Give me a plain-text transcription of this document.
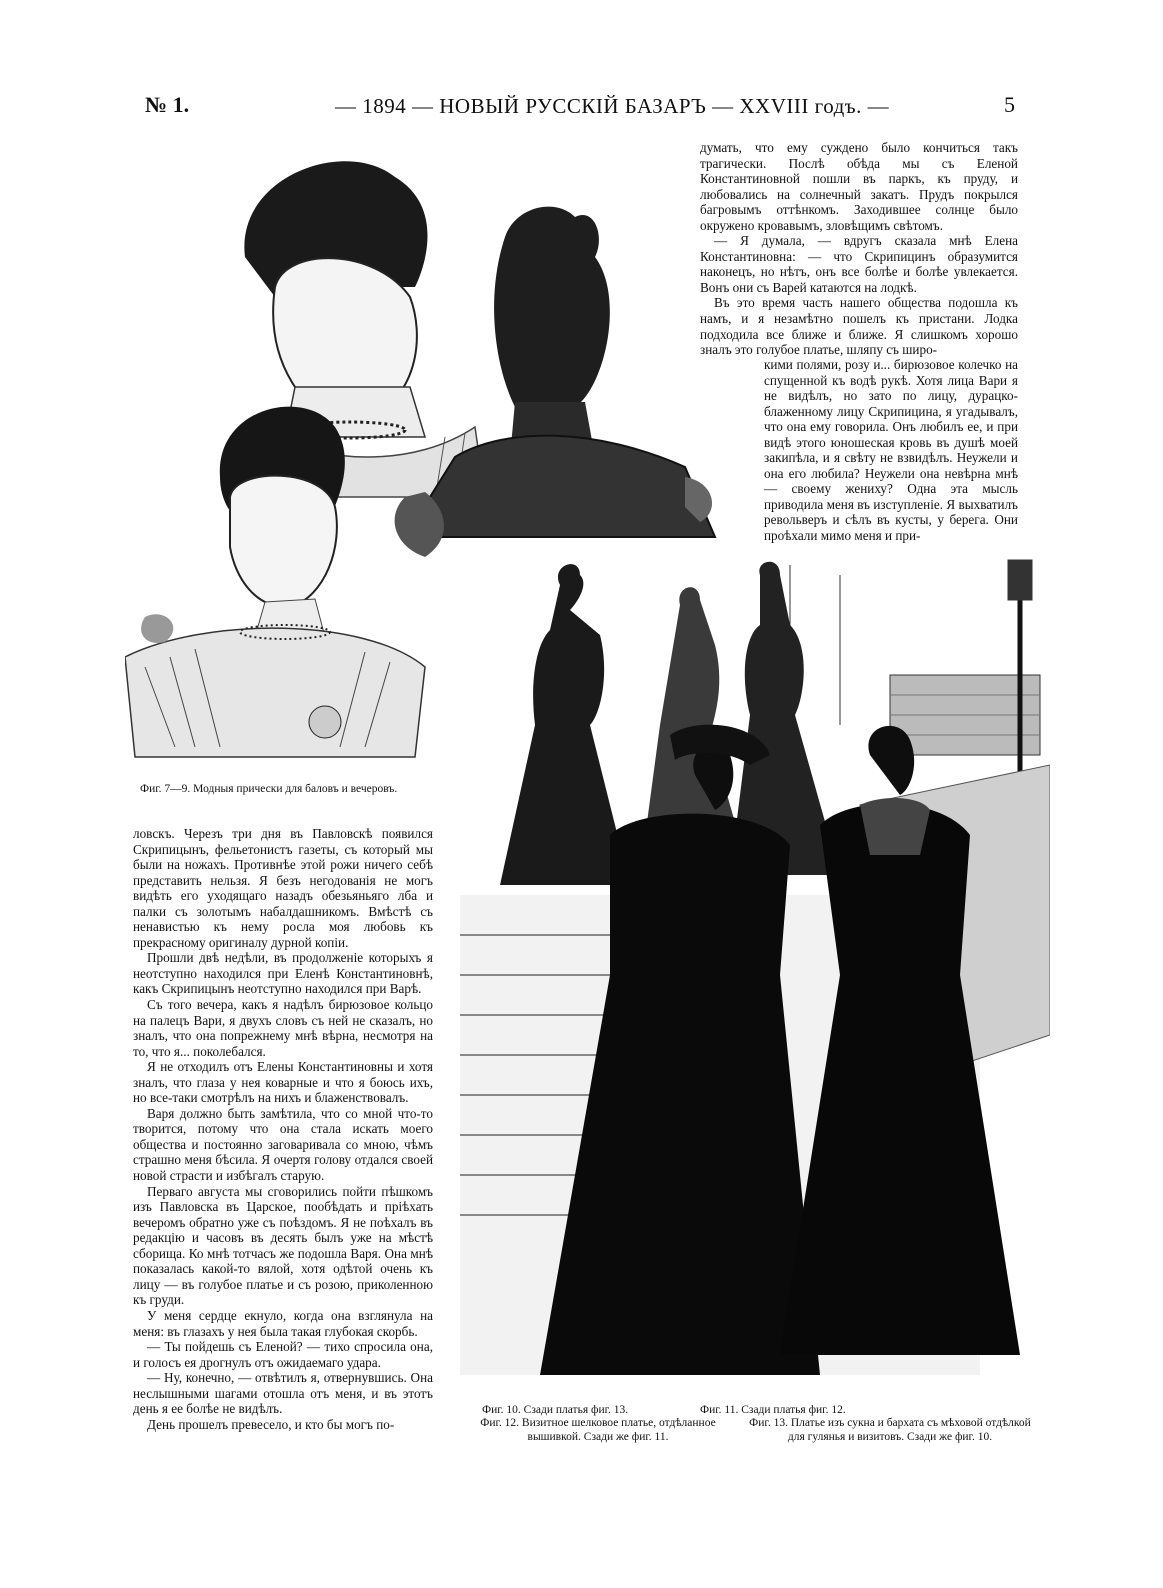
№ 1.	— 1894 — НОВЫЙ РУССКІЙ БАЗАРЪ — XXVIII годъ. —	5

думать, что ему суждено было кончиться такъ трагически. Послѣ обѣда мы съ Еленой Константиновной пошли въ паркъ, къ пруду, и любовались на солнечный закатъ. Прудъ покрылся багровымъ оттѣнкомъ. Заходившее солнце было окружено кровавымъ, зловѣщимъ свѣтомъ.

— Я думала, — вдругъ сказала мнѣ Елена Константиновна: — что Скрипицинъ образумится наконецъ, но нѣтъ, онъ все болѣе и болѣе увлекается. Вонъ они съ Варей катаются на лодкѣ.

Въ это время часть нашего общества подошла къ намъ, и я незамѣтно пошелъ къ пристани. Лодка подходила все ближе и ближе. Я слишкомъ хорошо зналъ это голубое платье, шляпу съ широ-

кими полями, розу и... бирюзовое колечко на спущенной къ водѣ рукѣ. Хотя лица Вари я не видѣлъ, но зато по лицу, дурацко-блаженному лицу Скрипицина, я угадывалъ, что она ему говорила. Онъ любилъ ее, и при видѣ этого юношеская кровь въ душѣ моей закипѣла, и я свѣту не взвидѣлъ. Неужели и она его любила? Неужели она невѣрна мнѣ — своему жениху? Одна эта мысль приводила меня въ изступленіе. Я выхватилъ револьверъ и сѣлъ въ кусты, у берега. Они проѣхали мимо меня и при-

Фиг. 7—9. Модныя прически для баловъ и вечеровъ.

ловскъ. Черезъ три дня въ Павловскѣ появился Скрипицынъ, фельетонистъ газеты, съ который мы были на ножахъ. Противнѣе этой рожи ничего себѣ представить нельзя. Я безъ негодованія не могъ видѣть его уходящаго назадъ обезьяньяго лба и палки съ золотымъ набалдашникомъ. Вмѣстѣ съ ненавистью къ нему росла моя любовь къ прекрасному оригиналу дурной копіи.

Прошли двѣ недѣли, въ продолженіе которыхъ я неотступно находился при Еленѣ Константиновнѣ, какъ Скрипицынъ неотступно находился при Варѣ.

Съ того вечера, какъ я надѣлъ бирюзовое кольцо на палецъ Вари, я двухъ словъ съ ней не сказалъ, но зналъ, что она попрежнему мнѣ вѣрна, несмотря на то, что я... поколебался.

Я не отходилъ отъ Елены Константиновны и хотя зналъ, что глаза у нея коварные и что я боюсь ихъ, но все-таки смотрѣлъ на нихъ и блаженствовалъ.

Варя должно быть замѣтила, что со мной что-то творится, потому что она стала искать моего общества и постоянно заговаривала со мною, чѣмъ страшно меня бѣсила. Я очертя голову отдался своей новой страсти и избѣгалъ старую.

Перваго августа мы сговорились пойти пѣшкомъ изъ Павловска въ Царское, пообѣдать и пріѣхать вечеромъ обратно уже съ поѣздомъ. Я не поѣхалъ въ редакцію и часовъ въ десять былъ уже на мѣстѣ сборища. Ко мнѣ тотчасъ же подошла Варя. Она мнѣ показалась какой-то вялой, хотя одѣтой очень къ лицу — въ голубое платье и съ розою, приколенною къ груди.

У меня сердце екнуло, когда она взглянула на меня: въ глазахъ у нея была такая глубокая скорбь.

— Ты пойдешь съ Еленой? — тихо спросила она, и голосъ ея дрогнулъ отъ ожидаемаго удара.

— Ну, конечно, — отвѣтилъ я, отвернувшись. Она неслышными шагами отошла отъ меня, и въ этотъ день я ее болѣе не видѣлъ.

День прошелъ превесело, и кто бы могъ по-

Фиг. 10. Сзади платья фиг. 13.	Фиг. 11. Сзади платья фиг. 12.
Фиг. 12. Визитное шелковое платье, отдѣланное вышивкой. Сзади же фиг. 11.
Фиг. 13. Платье изъ сукна и бархата съ мѣховой отдѣлкой для гулянья и визитовъ. Сзади же фиг. 10.
